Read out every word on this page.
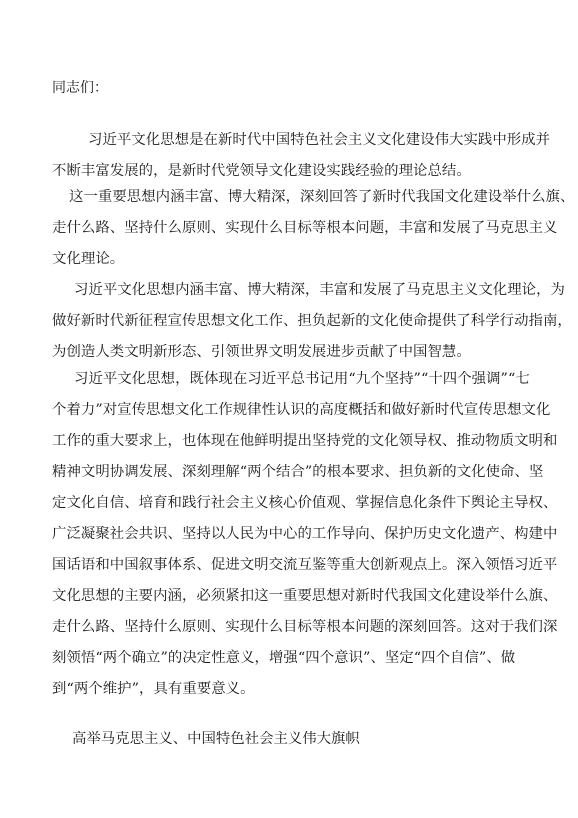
同志们：
习近平文化思想是在新时代中国特色社会主义文化建设伟大实践中形成并
不断丰富发展的，是新时代党领导文化建设实践经验的理论总结。
这一重要思想内涵丰富、博大精深，深刻回答了新时代我国文化建设举什么旗、
走什么路、坚持什么原则、实现什么目标等根本问题，丰富和发展了马克思主义
文化理论。
习近平文化思想内涵丰富、博大精深，丰富和发展了马克思主义文化理论，为
做好新时代新征程宣传思想文化工作、担负起新的文化使命提供了科学行动指南，
为创造人类文明新形态、引领世界文明发展进步贡献了中国智慧。
习近平文化思想，既体现在习近平总书记用“九个坚持”“十四个强调”“七
个着力”对宣传思想文化工作规律性认识的高度概括和做好新时代宣传思想文化
工作的重大要求上，也体现在他鲜明提出坚持党的文化领导权、推动物质文明和
精神文明协调发展、深刻理解“两个结合”的根本要求、担负新的文化使命、坚
定文化自信、培育和践行社会主义核心价值观、掌握信息化条件下舆论主导权、
广泛凝聚社会共识、坚持以人民为中心的工作导向、保护历史文化遗产、构建中
国话语和中国叙事体系、促进文明交流互鉴等重大创新观点上。深入领悟习近平
文化思想的主要内涵，必须紧扣这一重要思想对新时代我国文化建设举什么旗、
走什么路、坚持什么原则、实现什么目标等根本问题的深刻回答。这对于我们深
刻领悟“两个确立”的决定性意义，增强“四个意识”、坚定“四个自信”、做
到“两个维护”，具有重要意义。
高举马克思主义、中国特色社会主义伟大旗帜
